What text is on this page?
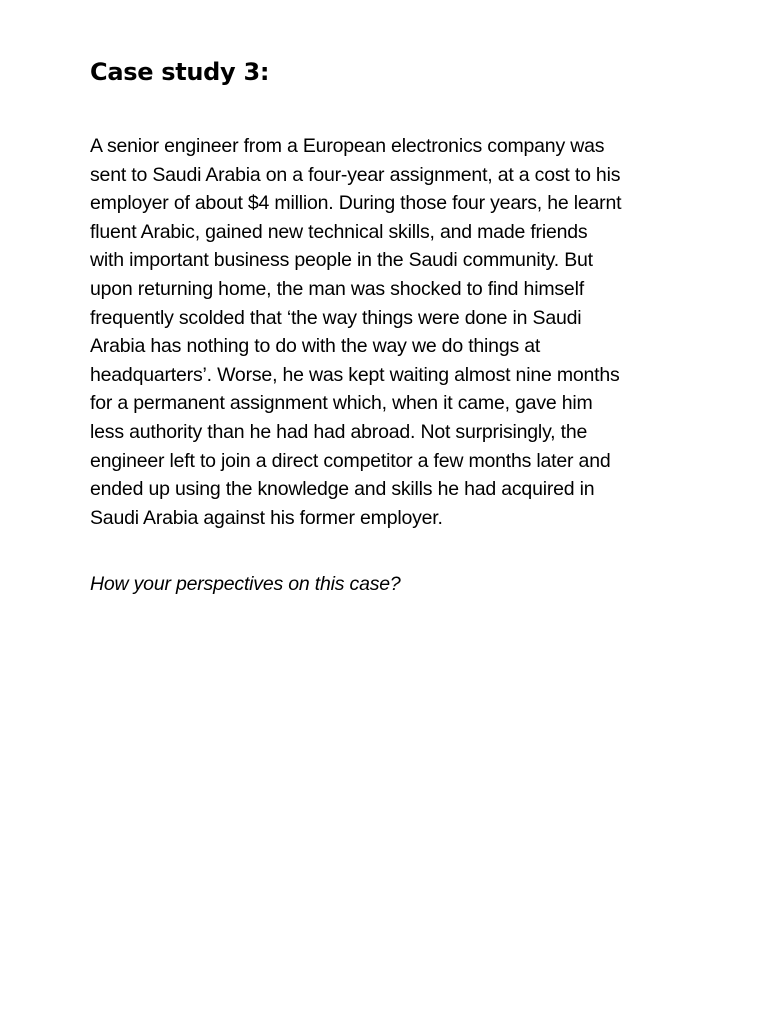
Case study 3:

A senior engineer from a European electronics company was
sent to Saudi Arabia on a four-year assignment, at a cost to his
employer of about $4 million. During those four years, he learnt
fluent Arabic, gained new technical skills, and made friends
with important business people in the Saudi community. But
upon returning home, the man was shocked to find himself
frequently scolded that ‘the way things were done in Saudi
Arabia has nothing to do with the way we do things at
headquarters’. Worse, he was kept waiting almost nine months
for a permanent assignment which, when it came, gave him
less authority than he had had abroad. Not surprisingly, the
engineer left to join a direct competitor a few months later and
ended up using the knowledge and skills he had acquired in
Saudi Arabia against his former employer.

How your perspectives on this case?
